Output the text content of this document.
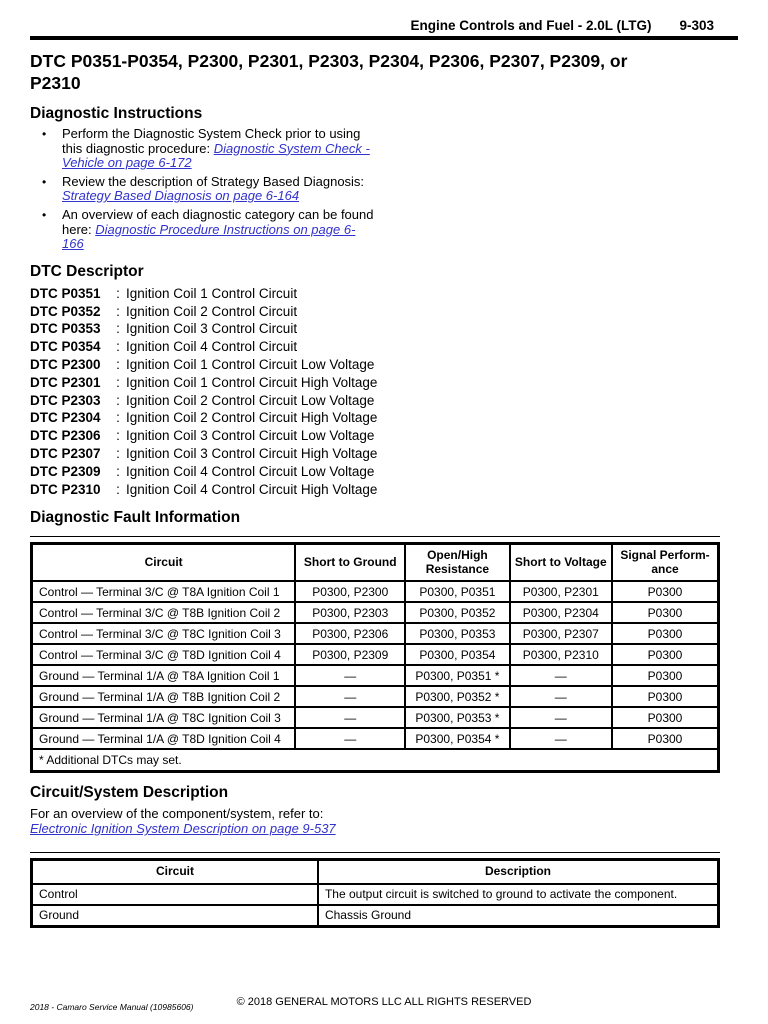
Engine Controls and Fuel - 2.0L (LTG) 9-303
DTC P0351-P0354, P2300, P2301, P2303, P2304, P2306, P2307, P2309, or P2310
Diagnostic Instructions
• Perform the Diagnostic System Check prior to using this diagnostic procedure: Diagnostic System Check - Vehicle on page 6-172
• Review the description of Strategy Based Diagnosis: Strategy Based Diagnosis on page 6-164
• An overview of each diagnostic category can be found here: Diagnostic Procedure Instructions on page 6-166
DTC Descriptor
DTC P0351	: Ignition Coil 1 Control Circuit
DTC P0352	: Ignition Coil 2 Control Circuit
DTC P0353	: Ignition Coil 3 Control Circuit
DTC P0354	: Ignition Coil 4 Control Circuit
DTC P2300	: Ignition Coil 1 Control Circuit Low Voltage
DTC P2301	: Ignition Coil 1 Control Circuit High Voltage
DTC P2303	: Ignition Coil 2 Control Circuit Low Voltage
DTC P2304	: Ignition Coil 2 Control Circuit High Voltage
DTC P2306	: Ignition Coil 3 Control Circuit Low Voltage
DTC P2307	: Ignition Coil 3 Control Circuit High Voltage
DTC P2309	: Ignition Coil 4 Control Circuit Low Voltage
DTC P2310	: Ignition Coil 4 Control Circuit High Voltage
Diagnostic Fault Information
Circuit	Short to Ground	Open/High Resistance	Short to Voltage	Signal Perform-ance
Control — Terminal 3/C @ T8A Ignition Coil 1	P0300, P2300	P0300, P0351	P0300, P2301	P0300
Control — Terminal 3/C @ T8B Ignition Coil 2	P0300, P2303	P0300, P0352	P0300, P2304	P0300
Control — Terminal 3/C @ T8C Ignition Coil 3	P0300, P2306	P0300, P0353	P0300, P2307	P0300
Control — Terminal 3/C @ T8D Ignition Coil 4	P0300, P2309	P0300, P0354	P0300, P2310	P0300
Ground — Terminal 1/A @ T8A Ignition Coil 1	—	P0300, P0351 *	—	P0300
Ground — Terminal 1/A @ T8B Ignition Coil 2	—	P0300, P0352 *	—	P0300
Ground — Terminal 1/A @ T8C Ignition Coil 3	—	P0300, P0353 *	—	P0300
Ground — Terminal 1/A @ T8D Ignition Coil 4	—	P0300, P0354 *	—	P0300
* Additional DTCs may set.				
Circuit/System Description

For an overview of the component/system, refer to:

Electronic Ignition System Description on page 9-537

Circuit	Description
Control	The output circuit is switched to ground to activate the component.
Ground	Chassis Ground
2018 - Camaro Service Manual (10985606)	© 2018 GENERAL MOTORS LLC ALL RIGHTS RESERVED
